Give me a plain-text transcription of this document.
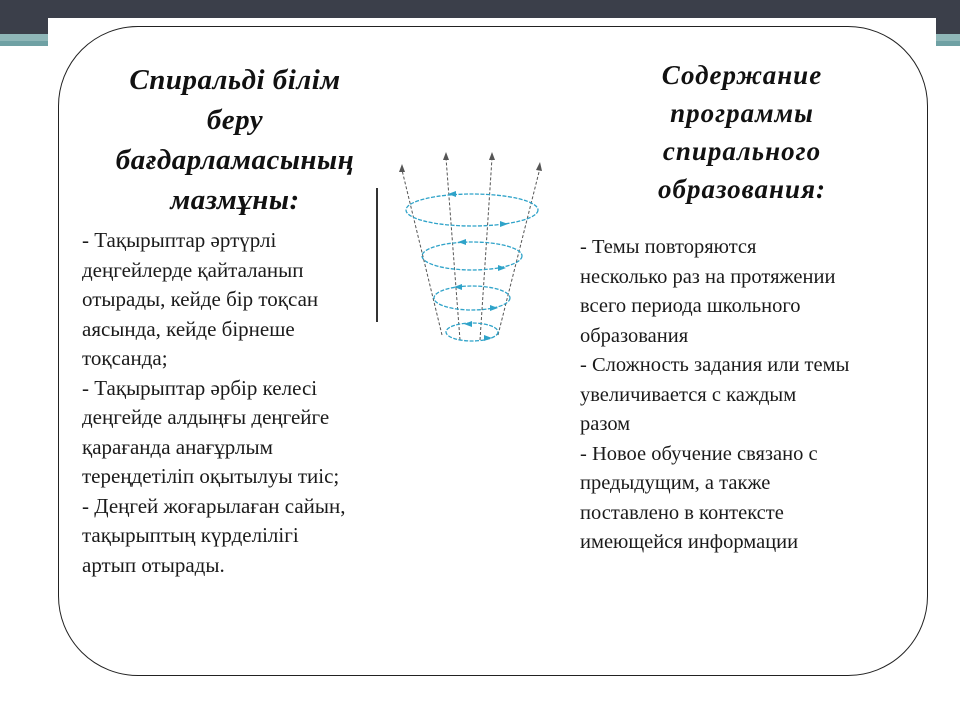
Спиральді білім
беру
бағдарламасының
мазмұны:
Содержание
программы
спирального
образования:
- Тақырыптар әртүрлі
деңгейлерде қайталанып
отырады, кейде бір тоқсан
аясында, кейде бірнеше
тоқсанда;
- Тақырыптар әрбір келесі
деңгейде алдыңғы деңгейге
қарағанда анағұрлым
тереңдетіліп оқытылуы тиіс;
- Деңгей жоғарылаған сайын,
тақырыптың күрделілігі
артып отырады.
- Темы повторяются
несколько раз на протяжении
всего периода школьного
образования
- Сложность задания или темы
увеличивается с каждым
разом
- Новое обучение связано с
предыдущим, а также
поставлено в контексте
имеющейся информации
